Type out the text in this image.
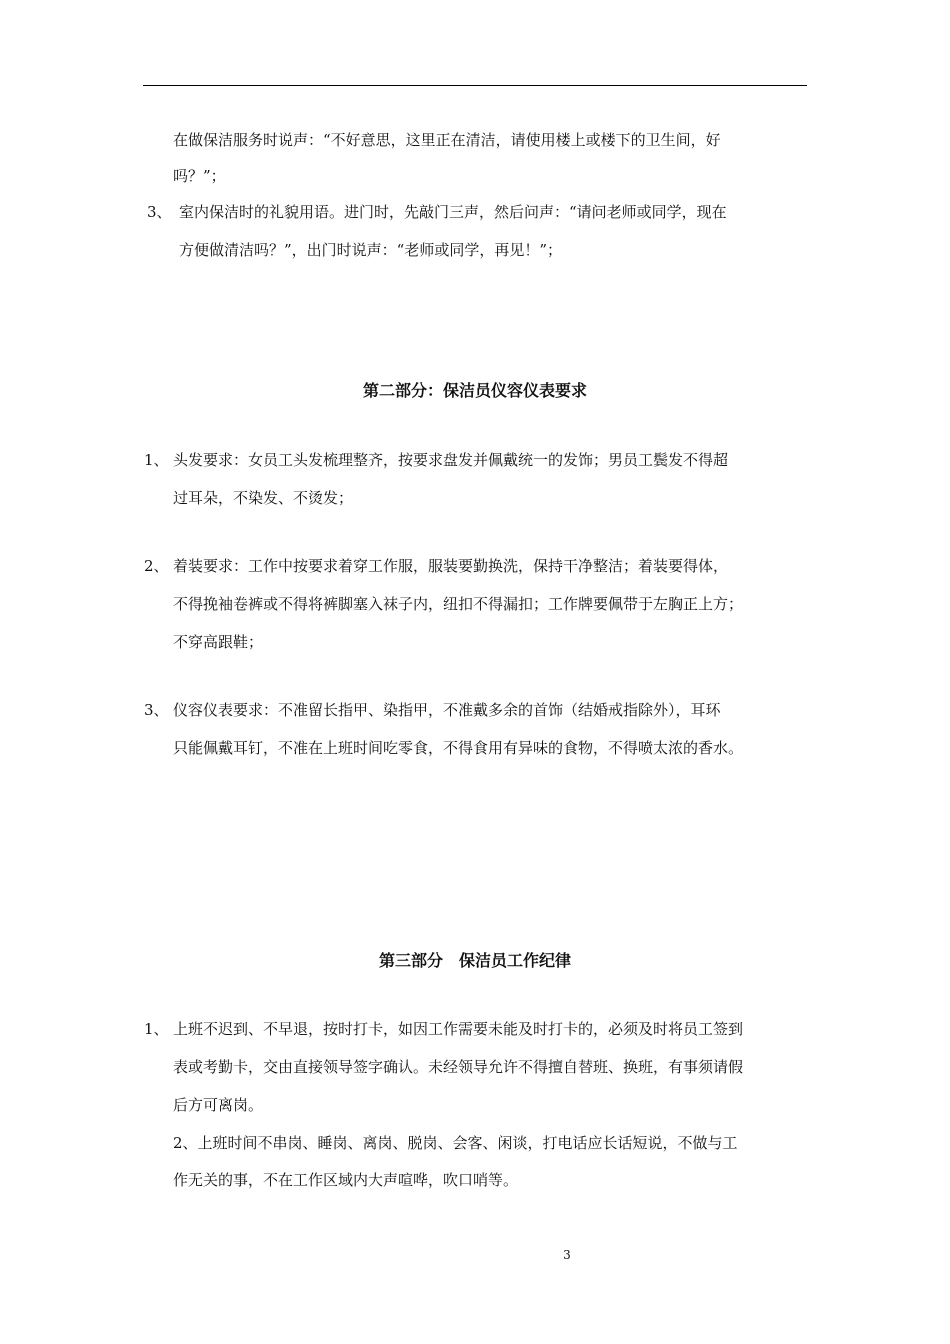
在做保洁服务时说声：“不好意思，这里正在清洁，请使用楼上或楼下的卫生间，好
吗？”；
3、 室内保洁时的礼貌用语。进门时，先敲门三声，然后问声：“请问老师或同学，现在
方便做清洁吗？”，出门时说声：“老师或同学，再见！”；
第二部分：保洁员仪容仪表要求
1、 头发要求：女员工头发梳理整齐，按要求盘发并佩戴统一的发饰；男员工鬓发不得超
过耳朵，不染发、不烫发；
2、 着装要求：工作中按要求着穿工作服，服装要勤换洗，保持干净整洁；着装要得体，
不得挽袖卷裤或不得将裤脚塞入袜子内，纽扣不得漏扣；工作牌要佩带于左胸正上方；
不穿高跟鞋；
3、 仪容仪表要求：不准留长指甲、染指甲，不准戴多余的首饰（结婚戒指除外），耳环
只能佩戴耳钉，不准在上班时间吃零食，不得食用有异味的食物，不得喷太浓的香水。
第三部分　保洁员工作纪律
1、 上班不迟到、不早退，按时打卡，如因工作需要未能及时打卡的，必须及时将员工签到
表或考勤卡，交由直接领导签字确认。未经领导允许不得擅自替班、换班，有事须请假
后方可离岗。
2、上班时间不串岗、睡岗、离岗、脱岗、会客、闲谈，打电话应长话短说，不做与工
作无关的事，不在工作区域内大声喧哗，吹口哨等。
3
